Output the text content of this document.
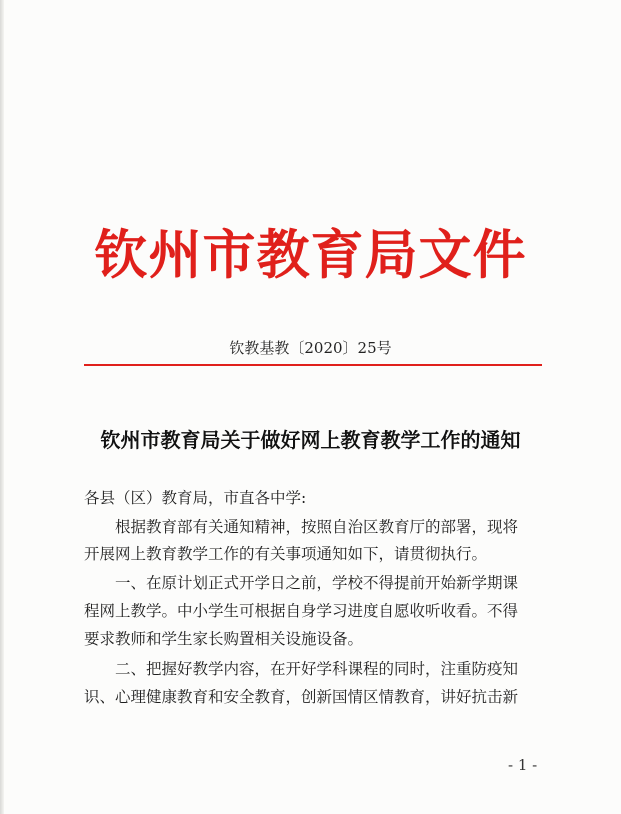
钦州市教育局文件
钦教基教〔2020〕25号
钦州市教育局关于做好网上教育教学工作的通知
各县（区）教育局，市直各中学:
根据教育部有关通知精神，按照自治区教育厅的部署，现将
开展网上教育教学工作的有关事项通知如下，请贯彻执行。
一、在原计划正式开学日之前，学校不得提前开始新学期课
程网上教学。中小学生可根据自身学习进度自愿收听收看。不得
要求教师和学生家长购置相关设施设备。
二、把握好教学内容，在开好学科课程的同时，注重防疫知
识、心理健康教育和安全教育，创新国情区情教育，讲好抗击新
- 1 -
